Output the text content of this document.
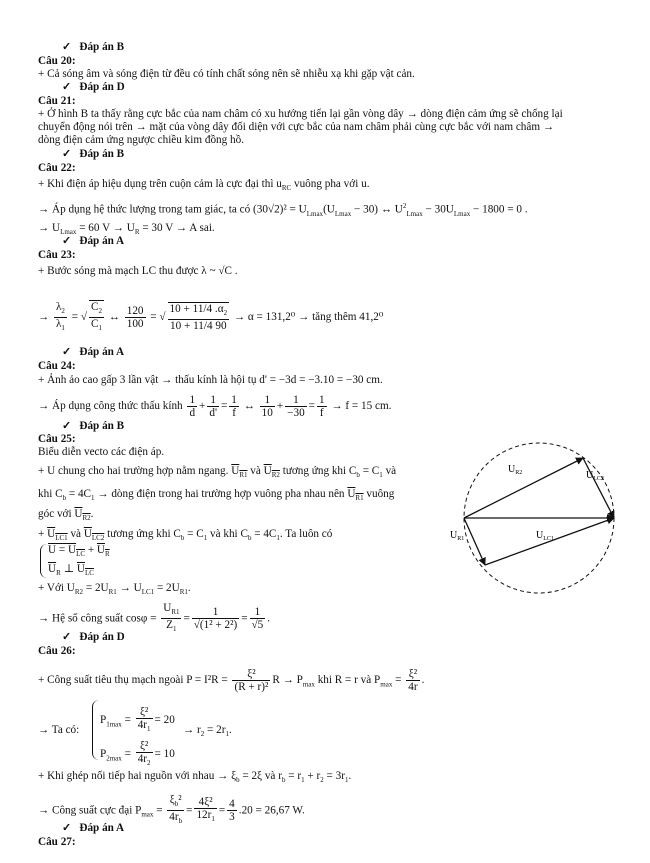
✓ Đáp án B
Câu 20:
+ Cả sóng âm và sóng điện từ đều có tính chất sóng nên sẽ nhiễu xạ khi gặp vật cản.
✓ Đáp án D
Câu 21:
+ Ở hình B ta thấy rằng cực bắc của nam châm có xu hướng tiến lại gần vòng dây → dòng điện cảm ứng sẽ chống lại
chuyển động nói trên → mặt của vòng dây đối diện với cực bắc của nam châm phải cùng cực bắc với nam châm →
dòng điện cảm ứng ngược chiều kim đồng hồ.
✓ Đáp án B
Câu 22:
+ Khi điện áp hiệu dụng trên cuộn cảm là cực đại thì $u_{RC}$ vuông pha với u.
→ Áp dụng hệ thức lượng trong tam giác, ta có $(30√2)^2 = U_{Lmax}(U_{Lmax} - 30)$ ↔ $U^2_{Lmax} - 30U_{Lmax} - 1800 = 0$ .
→ $U_{Lmax} = 60$ $V \to U_R = 30$ V → A sai.
✓ Đáp án A
Câu 23:
+ Bước sóng mà mạch LC thu được λ ~ √C .
→ $\frac{\lambda_2}{\lambda_1}$ = √ $\frac{C_2}{C_1}$ ↔ $\frac{120}{100}$ = √ $\frac{10 + 11/4 .\alpha_2}{10 + 11/4 90} \to \alpha = 131,2^0$ → tăng thêm 41,2⁰
✓ Đáp án A
Câu 24:
+ Ảnh ảo cao gấp 3 lần vật → thấu kính là hội tụ d' = −3d = −3.10 = −30 cm.
→ Áp dụng công thức thấu kính $\frac{1}{d} + \frac{1}{d'} = \frac{1}{f}$ ↔ $\frac{1}{10} + \frac{1}{-30} = \frac{1}{f} \to f = 15$ cm.
✓ Đáp án B
Câu 25:
Biểu diễn vecto các điện áp.
+ U chung cho hai trường hợp nằm ngang. $U_{R1}$ và $U_{R2}$ tương ứng khi $C_b = C_1$ và
khi $C_b = 4C_1$ → dòng điện trong hai trường hợp vuông pha nhau nên $U_{R1}$ vuông
góc với $U_{R2}$.
+ $U_{LC1}$ và $U_{LC2}$ tương ứng khi $C_b = C_1$ và khi $C_b = 4C_1$. Ta luôn có
$U = U_{\overline{LC}} + U_R$
$\overline{U}_R$ ⊥ $U_{LC}$
+ Với $U_{R2} = 2U_{R1} \to U_{LC1} = 2U_{R1}$.
→ Hệ số công suất $\cos\varphi = \frac{U_{R1}}{Z_1} = \frac{1}{\text{√(1² + 2²)}} = \frac{1}{√5}$ .
✓ Đáp án D
$U_{R2}$	$U_{LC2}$
$U_{R1}$	$U_{LC1}$
Câu 26:
+ Công suất tiêu thụ mạch ngoài $P = I^2R = \frac{\text{ξ²}}{\text{(R + r)²}}$ $R \to P_{max}$ khi R = r và $P_{max} = \frac{\text{ξ²}}{4r}$ .
→ Ta có:
$P_{1max} = \frac{\text{ξ²}}{4r_1} = 20$
$P_{2max} = \frac{\text{ξ²}}{4r_2} = 10$
→ $r_2 = 2r_1$.
+ Khi ghép nối tiếp hai nguồn với nhau → $\xi_b = 2\xi$ và $r_b = r_1 + r_2 = 3r_1$.
→ Công suất cực đại $P_{max} = \frac{\xi_b^2}{4r_b} = \frac{\text{4ξ²}}{12r_1} = \frac{4}{3} .20 = 26,67$ W.
✓ Đáp án A
Câu 27:
